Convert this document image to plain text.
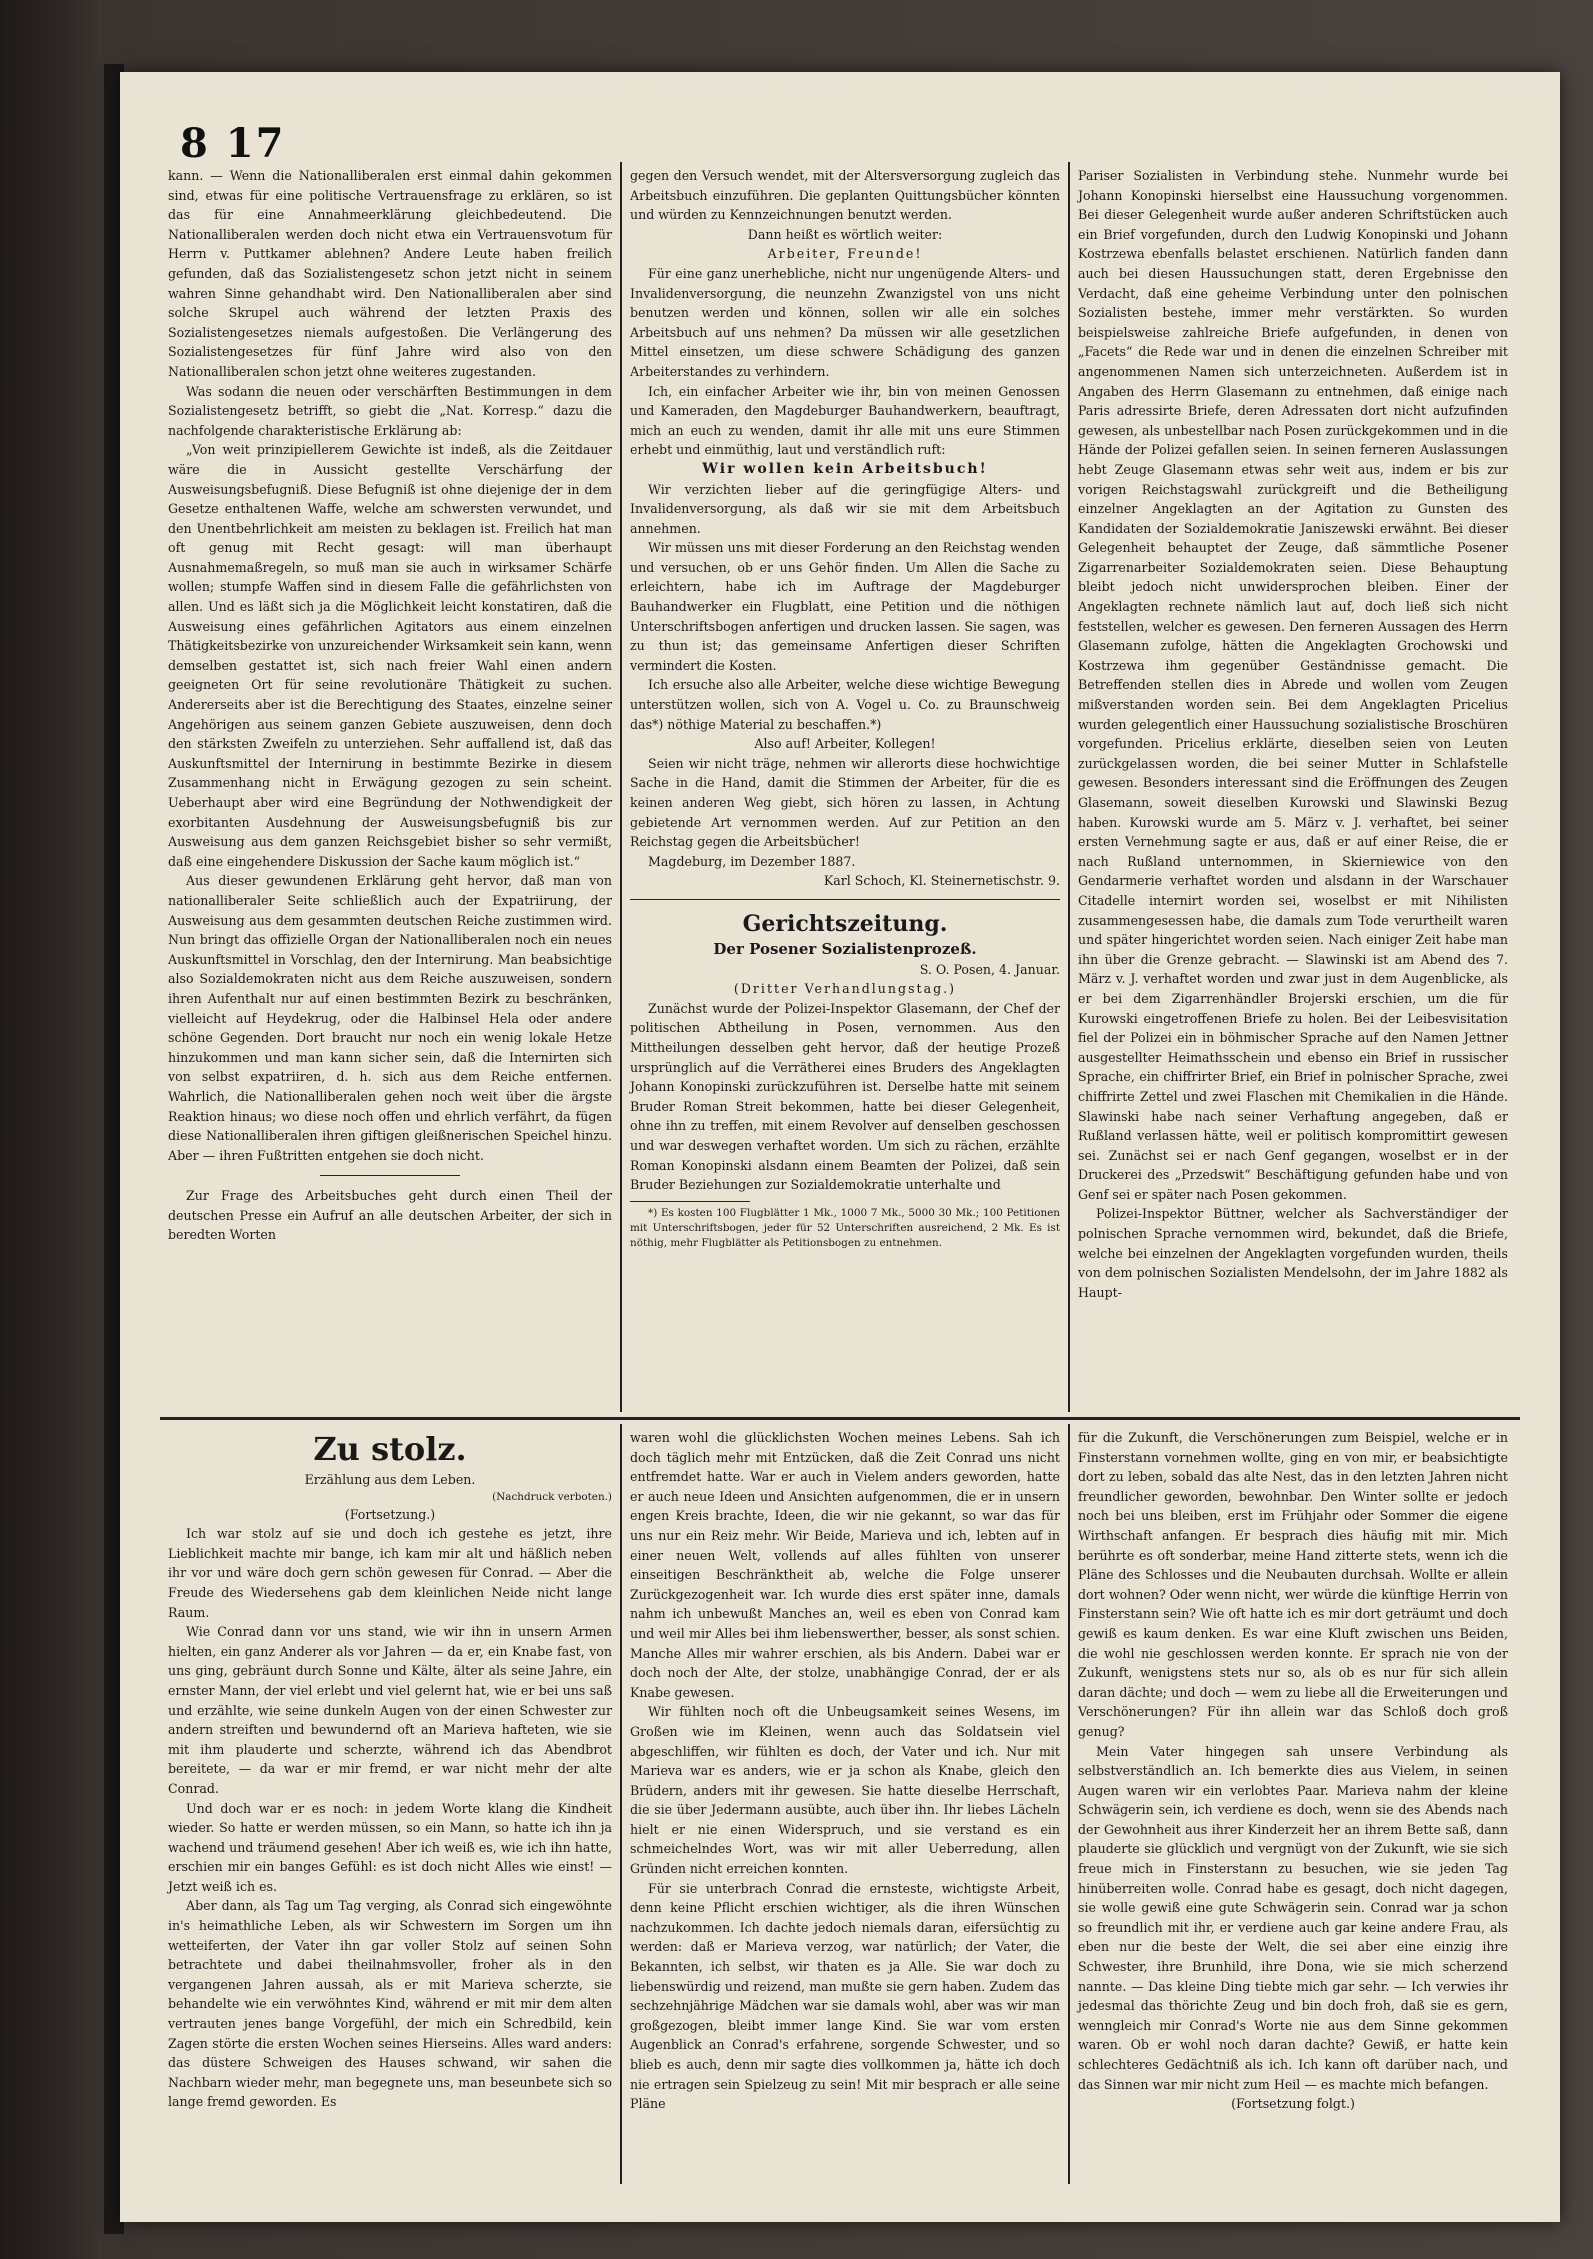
8 17

kann. — Wenn die Nationalliberalen erst einmal dahin gekommen sind, etwas für eine politische Vertrauensfrage zu erklären, so ist das für eine Annahmeerklärung gleichbedeutend. Die Nationalliberalen werden doch nicht etwa ein Vertrauensvotum für Herrn v. Puttkamer ablehnen? Andere Leute haben freilich gefunden, daß das Sozialistengesetz schon jetzt nicht in seinem wahren Sinne gehandhabt wird. Den Nationalliberalen aber sind solche Skrupel auch während der letzten Praxis des Sozialistengesetzes niemals aufgestoßen. Die Verlängerung des Sozialistengesetzes für fünf Jahre wird also von den Nationalliberalen schon jetzt ohne weiteres zugestanden.

Was sodann die neuen oder verschärften Bestimmungen in dem Sozialistengesetz betrifft, so giebt die „Nat. Korresp.“ dazu die nachfolgende charakteristische Erklärung ab:

„Von weit prinzipiellerem Gewichte ist indeß, als die Zeitdauer wäre die in Aussicht gestellte Verschärfung der Ausweisungsbefugniß. Diese Befugniß ist ohne diejenige der in dem Gesetze enthaltenen Waffe, welche am schwersten verwundet, und den Unentbehrlichkeit am meisten zu beklagen ist. Freilich hat man oft genug mit Recht gesagt: will man überhaupt Ausnahmemaßregeln, so muß man sie auch in wirksamer Schärfe wollen; stumpfe Waffen sind in diesem Falle die gefährlichsten von allen. Und es läßt sich ja die Möglichkeit leicht konstatiren, daß die Ausweisung eines gefährlichen Agitators aus einem einzelnen Thätigkeitsbezirke von unzureichender Wirksamkeit sein kann, wenn demselben gestattet ist, sich nach freier Wahl einen andern geeigneten Ort für seine revolutionäre Thätigkeit zu suchen. Andererseits aber ist die Berechtigung des Staates, einzelne seiner Angehörigen aus seinem ganzen Gebiete auszuweisen, denn doch den stärksten Zweifeln zu unterziehen. Sehr auffallend ist, daß das Auskunftsmittel der Internirung in bestimmte Bezirke in diesem Zusammenhang nicht in Erwägung gezogen zu sein scheint. Ueberhaupt aber wird eine Begründung der Nothwendigkeit der exorbitanten Ausdehnung der Ausweisungsbefugniß bis zur Ausweisung aus dem ganzen Reichsgebiet bisher so sehr vermißt, daß eine eingehendere Diskussion der Sache kaum möglich ist.“

Aus dieser gewundenen Erklärung geht hervor, daß man von nationalliberaler Seite schließlich auch der Expatriirung, der Ausweisung aus dem gesammten deutschen Reiche zustimmen wird. Nun bringt das offizielle Organ der Nationalliberalen noch ein neues Auskunftsmittel in Vorschlag, den der Internirung. Man beabsichtige also Sozialdemokraten nicht aus dem Reiche auszuweisen, sondern ihren Aufenthalt nur auf einen bestimmten Bezirk zu beschränken, vielleicht auf Heydekrug, oder die Halbinsel Hela oder andere schöne Gegenden. Dort braucht nur noch ein wenig lokale Hetze hinzukommen und man kann sicher sein, daß die Internirten sich von selbst expatriiren, d. h. sich aus dem Reiche entfernen. Wahrlich, die Nationalliberalen gehen noch weit über die ärgste Reaktion hinaus; wo diese noch offen und ehrlich verfährt, da fügen diese Nationalliberalen ihren giftigen gleißnerischen Speichel hinzu. Aber — ihren Fußtritten entgehen sie doch nicht.

Zur Frage des Arbeitsbuches geht durch einen Theil der deutschen Presse ein Aufruf an alle deutschen Arbeiter, der sich in beredten Worten

gegen den Versuch wendet, mit der Altersversorgung zugleich das Arbeitsbuch einzuführen. Die geplanten Quittungsbücher könnten und würden zu Kennzeichnungen benutzt werden.

Dann heißt es wörtlich weiter:

Arbeiter, Freunde!

Für eine ganz unerhebliche, nicht nur ungenügende Alters- und Invalidenversorgung, die neunzehn Zwanzigstel von uns nicht benutzen werden und können, sollen wir alle ein solches Arbeitsbuch auf uns nehmen? Da müssen wir alle gesetzlichen Mittel einsetzen, um diese schwere Schädigung des ganzen Arbeiterstandes zu verhindern.

Ich, ein einfacher Arbeiter wie ihr, bin von meinen Genossen und Kameraden, den Magdeburger Bauhandwerkern, beauftragt, mich an euch zu wenden, damit ihr alle mit uns eure Stimmen erhebt und einmüthig, laut und verständlich ruft:

Wir wollen kein Arbeitsbuch!

Wir verzichten lieber auf die geringfügige Alters- und Invalidenversorgung, als daß wir sie mit dem Arbeitsbuch annehmen.

Wir müssen uns mit dieser Forderung an den Reichstag wenden und versuchen, ob er uns Gehör finden. Um Allen die Sache zu erleichtern, habe ich im Auftrage der Magdeburger Bauhandwerker ein Flugblatt, eine Petition und die nöthigen Unterschriftsbogen anfertigen und drucken lassen. Sie sagen, was zu thun ist; das gemeinsame Anfertigen dieser Schriften vermindert die Kosten.

Ich ersuche also alle Arbeiter, welche diese wichtige Bewegung unterstützen wollen, sich von A. Vogel u. Co. zu Braunschweig das*) nöthige Material zu beschaffen.*)

Also auf! Arbeiter, Kollegen!

Seien wir nicht träge, nehmen wir allerorts diese hochwichtige Sache in die Hand, damit die Stimmen der Arbeiter, für die es keinen anderen Weg giebt, sich hören zu lassen, in Achtung gebietende Art vernommen werden. Auf zur Petition an den Reichstag gegen die Arbeitsbücher!

Magdeburg, im Dezember 1887.

Karl Schoch, Kl. Steinernetischstr. 9.

Gerichtszeitung.
Der Posener Sozialistenprozeß.

S. O. Posen, 4. Januar.

(Dritter Verhandlungstag.)

Zunächst wurde der Polizei-Inspektor Glasemann, der Chef der politischen Abtheilung in Posen, vernommen. Aus den Mittheilungen desselben geht hervor, daß der heutige Prozeß ursprünglich auf die Verrätherei eines Bruders des Angeklagten Johann Konopinski zurückzuführen ist. Derselbe hatte mit seinem Bruder Roman Streit bekommen, hatte bei dieser Gelegenheit, ohne ihn zu treffen, mit einem Revolver auf denselben geschossen und war deswegen verhaftet worden. Um sich zu rächen, erzählte Roman Konopinski alsdann einem Beamten der Polizei, daß sein Bruder Beziehungen zur Sozialdemokratie unterhalte und

*) Es kosten 100 Flugblätter 1 Mk., 1000 7 Mk., 5000 30 Mk.; 100 Petitionen mit Unterschriftsbogen, jeder für 52 Unterschriften ausreichend, 2 Mk. Es ist nöthig, mehr Flugblätter als Petitionsbogen zu entnehmen.

Pariser Sozialisten in Verbindung stehe. Nunmehr wurde bei Johann Konopinski hierselbst eine Haussuchung vorgenommen. Bei dieser Gelegenheit wurde außer anderen Schriftstücken auch ein Brief vorgefunden, durch den Ludwig Konopinski und Johann Kostrzewa ebenfalls belastet erschienen. Natürlich fanden dann auch bei diesen Haussuchungen statt, deren Ergebnisse den Verdacht, daß eine geheime Verbindung unter den polnischen Sozialisten bestehe, immer mehr verstärkten. So wurden beispielsweise zahlreiche Briefe aufgefunden, in denen von „Facets“ die Rede war und in denen die einzelnen Schreiber mit angenommenen Namen sich unterzeichneten. Außerdem ist in Angaben des Herrn Glasemann zu entnehmen, daß einige nach Paris adressirte Briefe, deren Adressaten dort nicht aufzufinden gewesen, als unbestellbar nach Posen zurückgekommen und in die Hände der Polizei gefallen seien. In seinen ferneren Auslassungen hebt Zeuge Glasemann etwas sehr weit aus, indem er bis zur vorigen Reichstagswahl zurückgreift und die Betheiligung einzelner Angeklagten an der Agitation zu Gunsten des Kandidaten der Sozialdemokratie Janiszewski erwähnt. Bei dieser Gelegenheit behauptet der Zeuge, daß sämmtliche Posener Zigarrenarbeiter Sozialdemokraten seien. Diese Behauptung bleibt jedoch nicht unwidersprochen bleiben. Einer der Angeklagten rechnete nämlich laut auf, doch ließ sich nicht feststellen, welcher es gewesen. Den ferneren Aussagen des Herrn Glasemann zufolge, hätten die Angeklagten Grochowski und Kostrzewa ihm gegenüber Geständnisse gemacht. Die Betreffenden stellen dies in Abrede und wollen vom Zeugen mißverstanden worden sein. Bei dem Angeklagten Pricelius wurden gelegentlich einer Haussuchung sozialistische Broschüren vorgefunden. Pricelius erklärte, dieselben seien von Leuten zurückgelassen worden, die bei seiner Mutter in Schlafstelle gewesen. Besonders interessant sind die Eröffnungen des Zeugen Glasemann, soweit dieselben Kurowski und Slawinski Bezug haben. Kurowski wurde am 5. März v. J. verhaftet, bei seiner ersten Vernehmung sagte er aus, daß er auf einer Reise, die er nach Rußland unternommen, in Skierniewice von den Gendarmerie verhaftet worden und alsdann in der Warschauer Citadelle internirt worden sei, woselbst er mit Nihilisten zusammengesessen habe, die damals zum Tode verurtheilt waren und später hingerichtet worden seien. Nach einiger Zeit habe man ihn über die Grenze gebracht. — Slawinski ist am Abend des 7. März v. J. verhaftet worden und zwar just in dem Augenblicke, als er bei dem Zigarrenhändler Brojerski erschien, um die für Kurowski eingetroffenen Briefe zu holen. Bei der Leibesvisitation fiel der Polizei ein in böhmischer Sprache auf den Namen Jettner ausgestellter Heimathsschein und ebenso ein Brief in russischer Sprache, ein chiffrirter Brief, ein Brief in polnischer Sprache, zwei chiffrirte Zettel und zwei Flaschen mit Chemikalien in die Hände. Slawinski habe nach seiner Verhaftung angegeben, daß er Rußland verlassen hätte, weil er politisch kompromittirt gewesen sei. Zunächst sei er nach Genf gegangen, woselbst er in der Druckerei des „Przedswit“ Beschäftigung gefunden habe und von Genf sei er später nach Posen gekommen.

Polizei-Inspektor Büttner, welcher als Sachverständiger der polnischen Sprache vernommen wird, bekundet, daß die Briefe, welche bei einzelnen der Angeklagten vorgefunden wurden, theils von dem polnischen Sozialisten Mendelsohn, der im Jahre 1882 als Haupt-

Zu stolz.

Erzählung aus dem Leben.

(Nachdruck verboten.)

(Fortsetzung.)

Ich war stolz auf sie und doch ich gestehe es jetzt, ihre Lieblichkeit machte mir bange, ich kam mir alt und häßlich neben ihr vor und wäre doch gern schön gewesen für Conrad. — Aber die Freude des Wiedersehens gab dem kleinlichen Neide nicht lange Raum.

Wie Conrad dann vor uns stand, wie wir ihn in unsern Armen hielten, ein ganz Anderer als vor Jahren — da er, ein Knabe fast, von uns ging, gebräunt durch Sonne und Kälte, älter als seine Jahre, ein ernster Mann, der viel erlebt und viel gelernt hat, wie er bei uns saß und erzählte, wie seine dunkeln Augen von der einen Schwester zur andern streiften und bewundernd oft an Marieva hafteten, wie sie mit ihm plauderte und scherzte, während ich das Abendbrot bereitete, — da war er mir fremd, er war nicht mehr der alte Conrad.

Und doch war er es noch: in jedem Worte klang die Kindheit wieder. So hatte er werden müssen, so ein Mann, so hatte ich ihn ja wachend und träumend gesehen! Aber ich weiß es, wie ich ihn hatte, erschien mir ein banges Gefühl: es ist doch nicht Alles wie einst! — Jetzt weiß ich es.

Aber dann, als Tag um Tag verging, als Conrad sich eingewöhnte in's heimathliche Leben, als wir Schwestern im Sorgen um ihn wetteiferten, der Vater ihn gar voller Stolz auf seinen Sohn betrachtete und dabei theilnahmsvoller, froher als in den vergangenen Jahren aussah, als er mit Marieva scherzte, sie behandelte wie ein verwöhntes Kind, während er mit mir dem alten vertrauten jenes bange Vorgefühl, der mich ein Schredbild, kein Zagen störte die ersten Wochen seines Hierseins. Alles ward anders: das düstere Schweigen des Hauses schwand, wir sahen die Nachbarn wieder mehr, man begegnete uns, man beseunbete sich so lange fremd geworden. Es

waren wohl die glücklichsten Wochen meines Lebens. Sah ich doch täglich mehr mit Entzücken, daß die Zeit Conrad uns nicht entfremdet hatte. War er auch in Vielem anders geworden, hatte er auch neue Ideen und Ansichten aufgenommen, die er in unsern engen Kreis brachte, Ideen, die wir nie gekannt, so war das für uns nur ein Reiz mehr. Wir Beide, Marieva und ich, lebten auf in einer neuen Welt, vollends auf alles fühlten von unserer einseitigen Beschränktheit ab, welche die Folge unserer Zurückgezogenheit war. Ich wurde dies erst später inne, damals nahm ich unbewußt Manches an, weil es eben von Conrad kam und weil mir Alles bei ihm liebenswerther, besser, als sonst schien. Manche Alles mir wahrer erschien, als bis Andern. Dabei war er doch noch der Alte, der stolze, unabhängige Conrad, der er als Knabe gewesen.

Wir fühlten noch oft die Unbeugsamkeit seines Wesens, im Großen wie im Kleinen, wenn auch das Soldatsein viel abgeschliffen, wir fühlten es doch, der Vater und ich. Nur mit Marieva war es anders, wie er ja schon als Knabe, gleich den Brüdern, anders mit ihr gewesen. Sie hatte dieselbe Herrschaft, die sie über Jedermann ausübte, auch über ihn. Ihr liebes Lächeln hielt er nie einen Widerspruch, und sie verstand es ein schmeichelndes Wort, was wir mit aller Ueberredung, allen Gründen nicht erreichen konnten.

Für sie unterbrach Conrad die ernsteste, wichtigste Arbeit, denn keine Pflicht erschien wichtiger, als die ihren Wünschen nachzukommen. Ich dachte jedoch niemals daran, eifersüchtig zu werden: daß er Marieva verzog, war natürlich; der Vater, die Bekannten, ich selbst, wir thaten es ja Alle. Sie war doch zu liebenswürdig und reizend, man mußte sie gern haben. Zudem das sechzehnjährige Mädchen war sie damals wohl, aber was wir man großgezogen, bleibt immer lange Kind. Sie war vom ersten Augenblick an Conrad's erfahrene, sorgende Schwester, und so blieb es auch, denn mir sagte dies vollkommen ja, hätte ich doch nie ertragen sein Spielzeug zu sein! Mit mir besprach er alle seine Pläne

für die Zukunft, die Verschönerungen zum Beispiel, welche er in Finsterstann vornehmen wollte, ging en von mir, er beabsichtigte dort zu leben, sobald das alte Nest, das in den letzten Jahren nicht freundlicher geworden, bewohnbar. Den Winter sollte er jedoch noch bei uns bleiben, erst im Frühjahr oder Sommer die eigene Wirthschaft anfangen. Er besprach dies häufig mit mir. Mich berührte es oft sonderbar, meine Hand zitterte stets, wenn ich die Pläne des Schlosses und die Neubauten durchsah. Wollte er allein dort wohnen? Oder wenn nicht, wer würde die künftige Herrin von Finsterstann sein? Wie oft hatte ich es mir dort geträumt und doch gewiß es kaum denken. Es war eine Kluft zwischen uns Beiden, die wohl nie geschlossen werden konnte. Er sprach nie von der Zukunft, wenigstens stets nur so, als ob es nur für sich allein daran dächte; und doch — wem zu liebe all die Erweiterungen und Verschönerungen? Für ihn allein war das Schloß doch groß genug?

Mein Vater hingegen sah unsere Verbindung als selbstverständlich an. Ich bemerkte dies aus Vielem, in seinen Augen waren wir ein verlobtes Paar. Marieva nahm der kleine Schwägerin sein, ich verdiene es doch, wenn sie des Abends nach der Gewohnheit aus ihrer Kinderzeit her an ihrem Bette saß, dann plauderte sie glücklich und vergnügt von der Zukunft, wie sie sich freue mich in Finsterstann zu besuchen, wie sie jeden Tag hinüberreiten wolle. Conrad habe es gesagt, doch nicht dagegen, sie wolle gewiß eine gute Schwägerin sein. Conrad war ja schon so freundlich mit ihr, er verdiene auch gar keine andere Frau, als eben nur die beste der Welt, die sei aber eine einzig ihre Schwester, ihre Brunhild, ihre Dona, wie sie mich scherzend nannte. — Das kleine Ding tiebte mich gar sehr. — Ich verwies ihr jedesmal das thörichte Zeug und bin doch froh, daß sie es gern, wenngleich mir Conrad's Worte nie aus dem Sinne gekommen waren. Ob er wohl noch daran dachte? Gewiß, er hatte kein schlechteres Gedächtniß als ich. Ich kann oft darüber nach, und das Sinnen war mir nicht zum Heil — es machte mich befangen.

(Fortsetzung folgt.)
